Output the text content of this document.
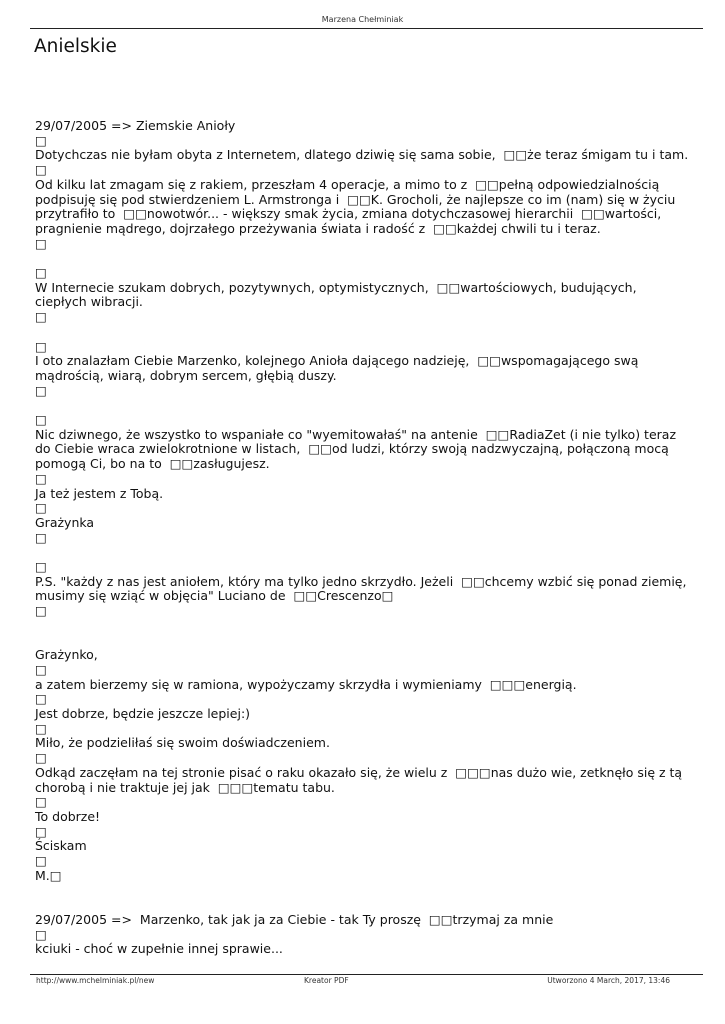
Marzena Chełminiak
Anielskie
29/07/2005 => Ziemskie Anioły
□
Dotychczas nie byłam obyta z Internetem, dlatego dziwię się sama sobie,  □□że teraz śmigam tu i tam.
□
Od kilku lat zmagam się z rakiem, przeszłam 4 operacje, a mimo to z  □□pełną odpowiedzialnością podpisuję się pod stwierdzeniem L. Armstronga i  □□K. Grocholi, że najlepsze co im (nam) się w życiu przytrafiło to  □□nowotwór... - większy smak życia, zmiana dotychczasowej hierarchii  □□wartości, pragnienie mądrego, dojrzałego przeżywania świata i radość z  □□każdej chwili tu i teraz.
□
□
W Internecie szukam dobrych, pozytywnych, optymistycznych,  □□wartościowych, budujących, ciepłych wibracji.
□
□
I oto znalazłam Ciebie Marzenko, kolejnego Anioła dającego nadzieję,  □□wspomagającego swą mądrością, wiarą, dobrym sercem, głębią duszy.
□
□
Nic dziwnego, że wszystko to wspaniałe co "wyemitowałaś" na antenie  □□RadiaZet (i nie tylko) teraz do Ciebie wraca zwielokrotnione w listach,  □□od ludzi, którzy swoją nadzwyczajną, połączoną mocą pomogą Ci, bo na to  □□zasługujesz.
□
Ja też jestem z Tobą.
□
Grażynka
□
□
P.S. "każdy z nas jest aniołem, który ma tylko jedno skrzydło. Jeżeli  □□chcemy wzbić się ponad ziemię, musimy się wziąć w objęcia" Luciano de  □□Crescenzo□
□
Grażynko,
□
a zatem bierzemy się w ramiona, wypożyczamy skrzydła i wymieniamy  □□□energią.
□
Jest dobrze, będzie jeszcze lepiej:)
□
Miło, że podzieliłaś się swoim doświadczeniem.
□
Odkąd zaczęłam na tej stronie pisać o raku okazało się, że wielu z  □□□nas dużo wie, zetknęło się z tą chorobą i nie traktuje jej jak  □□□tematu tabu.
□
To dobrze!
□
Ściskam
□
M.□
29/07/2005 =>  Marzenko, tak jak ja za Ciebie - tak Ty proszę  □□trzymaj za mnie
□
kciuki - choć w zupełnie innej sprawie...
http://www.mchelminiak.pl/new	Kreator PDF	Utworzono 4 March, 2017, 13:46
